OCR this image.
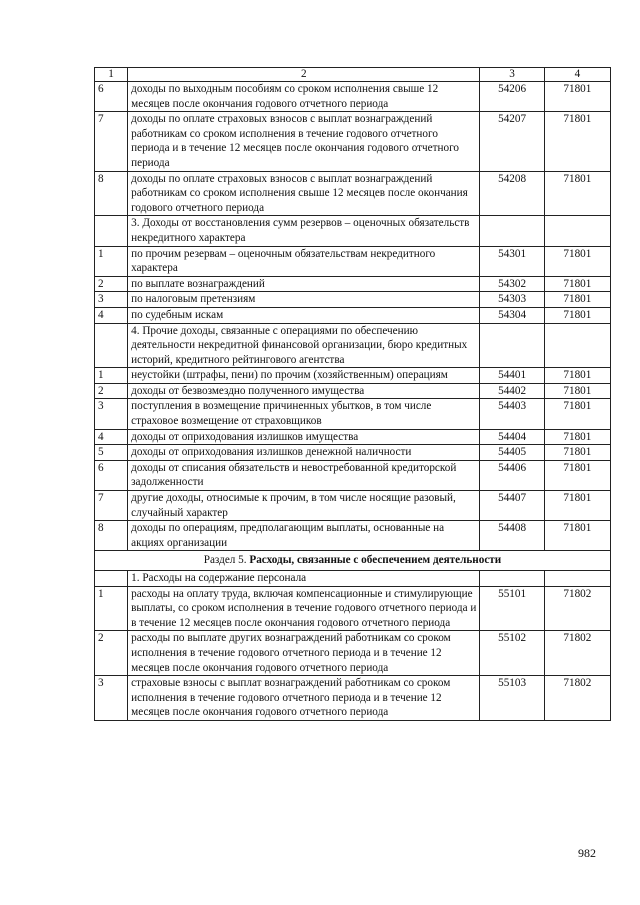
1	2	3	4
6	доходы по выходным пособиям со сроком исполнения свыше 12 месяцев после окончания годового отчетного периода	54206	71801
7	доходы по оплате страховых взносов с выплат вознаграждений работникам со сроком исполнения в течение годового отчетного периода и в течение 12 месяцев после окончания годового отчетного периода	54207	71801
8	доходы по оплате страховых взносов с выплат вознаграждений работникам со сроком исполнения свыше 12 месяцев после окончания годового отчетного периода	54208	71801
	3. Доходы от восстановления сумм резервов – оценочных обязательств некредитного характера		
1	по прочим резервам – оценочным обязательствам некредитного характера	54301	71801
2	по выплате вознаграждений	54302	71801
3	по налоговым претензиям	54303	71801
4	по судебным искам	54304	71801
	4. Прочие доходы, связанные с операциями по обеспечению деятельности некредитной финансовой организации, бюро кредитных историй, кредитного рейтингового агентства		
1	неустойки (штрафы, пени) по прочим (хозяйственным) операциям	54401	71801
2	доходы от безвозмездно полученного имущества	54402	71801
3	поступления в возмещение причиненных убытков, в том числе страховое возмещение от страховщиков	54403	71801
4	доходы от оприходования излишков имущества	54404	71801
5	доходы от оприходования излишков денежной наличности	54405	71801
6	доходы от списания обязательств и невостребованной кредиторской задолженности	54406	71801
7	другие доходы, относимые к прочим, в том числе носящие разовый, случайный характер	54407	71801
8	доходы по операциям, предполагающим выплаты, основанные на акциях организации	54408	71801
Раздел 5. Расходы, связанные с обеспечением деятельности			
	1. Расходы на содержание персонала		
1	расходы на оплату труда, включая компенсационные и стимулирующие выплаты, со сроком исполнения в течение годового отчетного периода и в течение 12 месяцев после окончания годового отчетного периода	55101	71802
2	расходы по выплате других вознаграждений работникам со сроком исполнения в течение годового отчетного периода и в течение 12 месяцев после окончания годового отчетного периода	55102	71802
3	страховые взносы с выплат вознаграждений работникам со сроком исполнения в течение годового отчетного периода и в течение 12 месяцев после окончания годового отчетного периода	55103	71802
982
